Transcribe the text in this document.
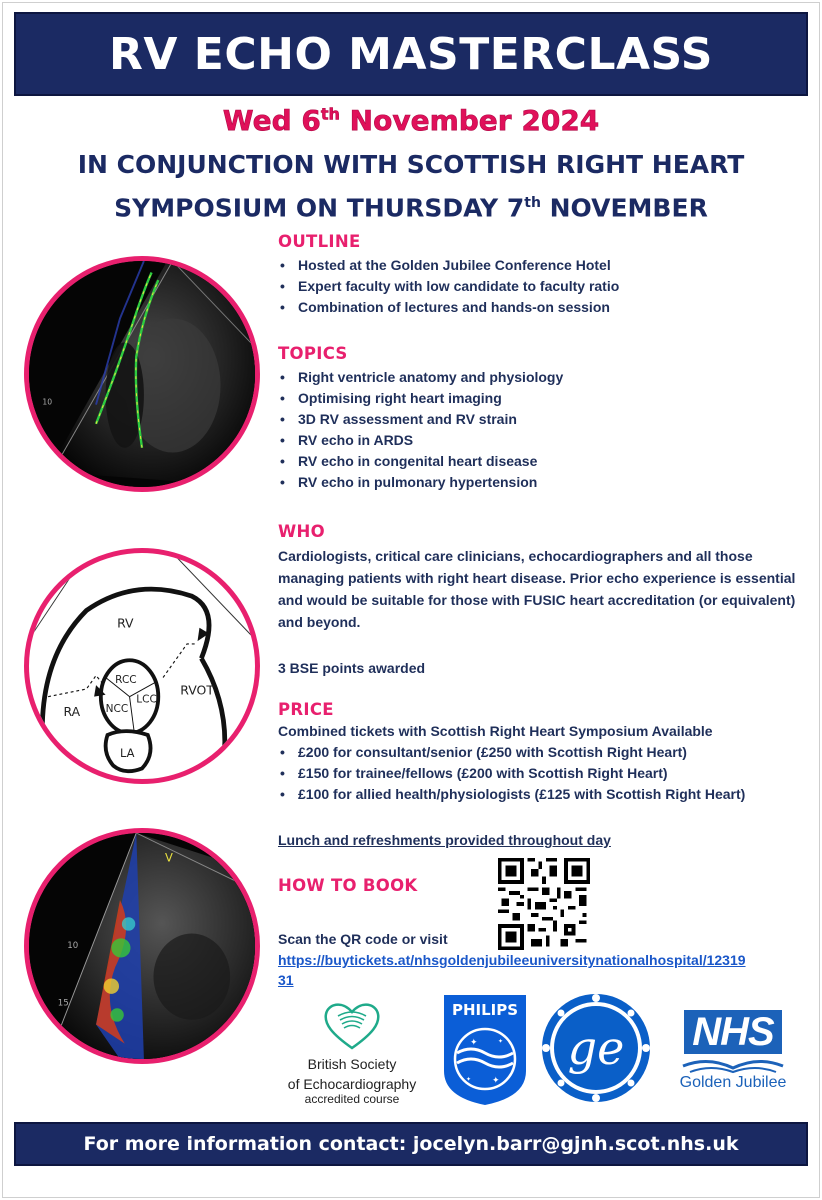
RV ECHO MASTERCLASS
Wed 6th November 2024
IN CONJUNCTION WITH SCOTTISH RIGHT HEART
SYMPOSIUM ON THURSDAY 7th NOVEMBER
10
RV
RA
RVOT
LA
RCC
LCC
NCC
V
10
15
OUTLINE
• Hosted at the Golden Jubilee Conference Hotel
• Expert faculty with low candidate to faculty ratio
• Combination of lectures and hands-on session
TOPICS
• Right ventricle anatomy and physiology
• Optimising right heart imaging
• 3D RV assessment and RV strain
• RV echo in ARDS
• RV echo in congenital heart disease
• RV echo in pulmonary hypertension
WHO
Cardiologists, critical care clinicians, echocardiographers and all those managing patients with right heart disease. Prior echo experience is essential and would be suitable for those with FUSIC heart accreditation (or equivalent) and beyond.
3 BSE points awarded
PRICE
Combined tickets with Scottish Right Heart Symposium Available
• £200 for consultant/senior (£250 with Scottish Right Heart)
• £150 for trainee/fellows (£200 with Scottish Right Heart)
• £100 for allied health/physiologists (£125 with Scottish Right Heart)
Lunch and refreshments provided throughout day
HOW TO BOOK
Scan the QR code or visit
https://buytickets.at/nhsgoldenjubileeuniversitynationalhospital/1231931
British Society
of Echocardiography
accredited course
PHILIPS
✦
✦
✦
✦
ge	NHS
Golden Jubilee
For more information contact: jocelyn.barr@gjnh.scot.nhs.uk
